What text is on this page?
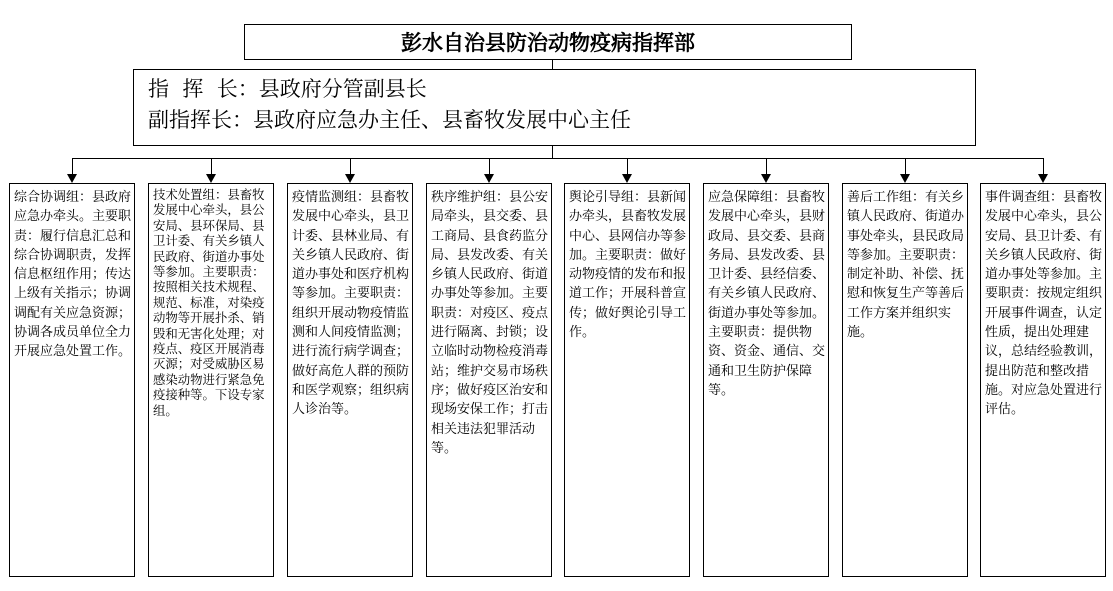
彭水自治县防治动物疫病指挥部
指  挥  长：县政府分管副县长
副指挥长：县政府应急办主任、县畜牧发展中心主任
综合协调组：县政府应急办牵头。主要职责：履行信息汇总和综合协调职责，发挥信息枢纽作用；传达上级有关指示；协调调配有关应急资源；协调各成员单位全力开展应急处置工作。
技术处置组：县畜牧发展中心牵头，县公安局、县环保局、县卫计委、有关乡镇人民政府、街道办事处等参加。主要职责：按照相关技术规程、规范、标准，对染疫动物等开展扑杀、销毁和无害化处理；对疫点、疫区开展消毒灭源；对受威胁区易感染动物进行紧急免疫接种等。下设专家组。
疫情监测组：县畜牧发展中心牵头，县卫计委、县林业局、有关乡镇人民政府、街道办事处和医疗机构等参加。主要职责：组织开展动物疫情监测和人间疫情监测；进行流行病学调查；做好高危人群的预防和医学观察；组织病人诊治等。
秩序维护组：县公安局牵头，县交委、县工商局、县食药监分局、县发改委、有关乡镇人民政府、街道办事处等参加。主要职责：对疫区、疫点进行隔离、封锁；设立临时动物检疫消毒站；维护交易市场秩序；做好疫区治安和现场安保工作；打击相关违法犯罪活动等。
舆论引导组：县新闻办牵头，县畜牧发展中心、县网信办等参加。主要职责：做好动物疫情的发布和报道工作；开展科普宣传；做好舆论引导工作。
应急保障组：县畜牧发展中心牵头，县财政局、县交委、县商务局、县发改委、县卫计委、县经信委、有关乡镇人民政府、街道办事处等参加。主要职责：提供物资、资金、通信、交通和卫生防护保障等。
善后工作组：有关乡镇人民政府、街道办事处牵头，县民政局等参加。主要职责：制定补助、补偿、抚慰和恢复生产等善后工作方案并组织实施。
事件调查组：县畜牧发展中心牵头，县公安局、县卫计委、有关乡镇人民政府、街道办事处等参加。主要职责：按规定组织开展事件调查，认定性质，提出处理建议，总结经验教训，提出防范和整改措施。对应急处置进行评估。
